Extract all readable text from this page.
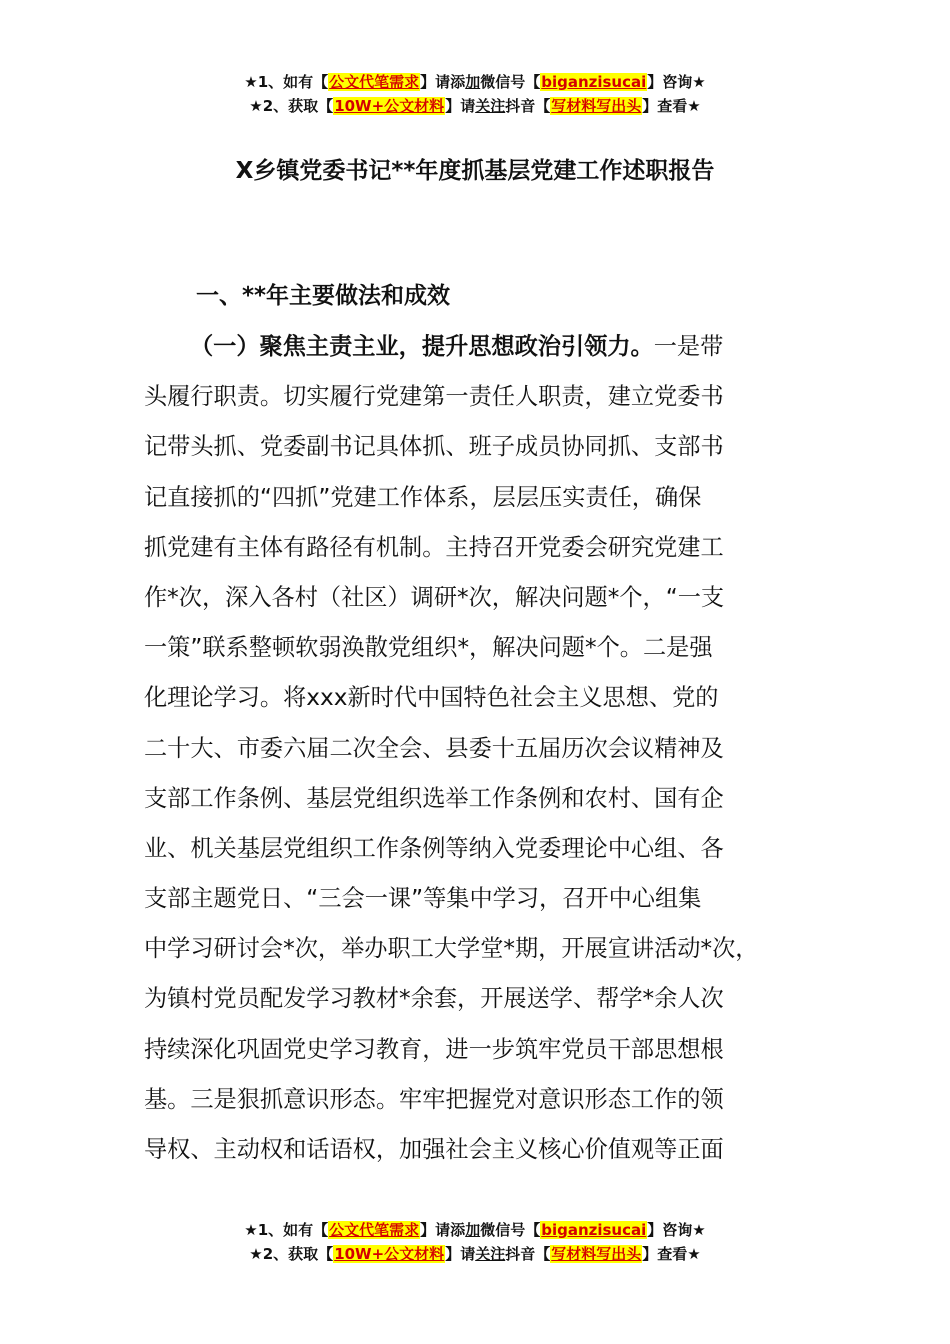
★1、如有【公文代笔需求】请添加微信号【biganzisucai】咨询★
★2、获取【10W+公文材料】请关注抖音【写材料写出头】查看★
X乡镇党委书记**年度抓基层党建工作述职报告
一、**年主要做法和成效
（一）聚焦主责主业，提升思想政治引领力。一是带
头履行职责。切实履行党建第一责任人职责，建立党委书
记带头抓、党委副书记具体抓、班子成员协同抓、支部书
记直接抓的“四抓”党建工作体系，层层压实责任，确保
抓党建有主体有路径有机制。主持召开党委会研究党建工
作*次，深入各村（社区）调研*次，解决问题*个，“一支
一策”联系整顿软弱涣散党组织*，解决问题*个。二是强
化理论学习。将xxx新时代中国特色社会主义思想、党的
二十大、市委六届二次全会、县委十五届历次会议精神及
支部工作条例、基层党组织选举工作条例和农村、国有企
业、机关基层党组织工作条例等纳入党委理论中心组、各
支部主题党日、“三会一课”等集中学习，召开中心组集
中学习研讨会*次，举办职工大学堂*期，开展宣讲活动*次，
为镇村党员配发学习教材*余套，开展送学、帮学*余人次
持续深化巩固党史学习教育，进一步筑牢党员干部思想根
基。三是狠抓意识形态。牢牢把握党对意识形态工作的领
导权、主动权和话语权，加强社会主义核心价值观等正面
★1、如有【公文代笔需求】请添加微信号【biganzisucai】咨询★
★2、获取【10W+公文材料】请关注抖音【写材料写出头】查看★
